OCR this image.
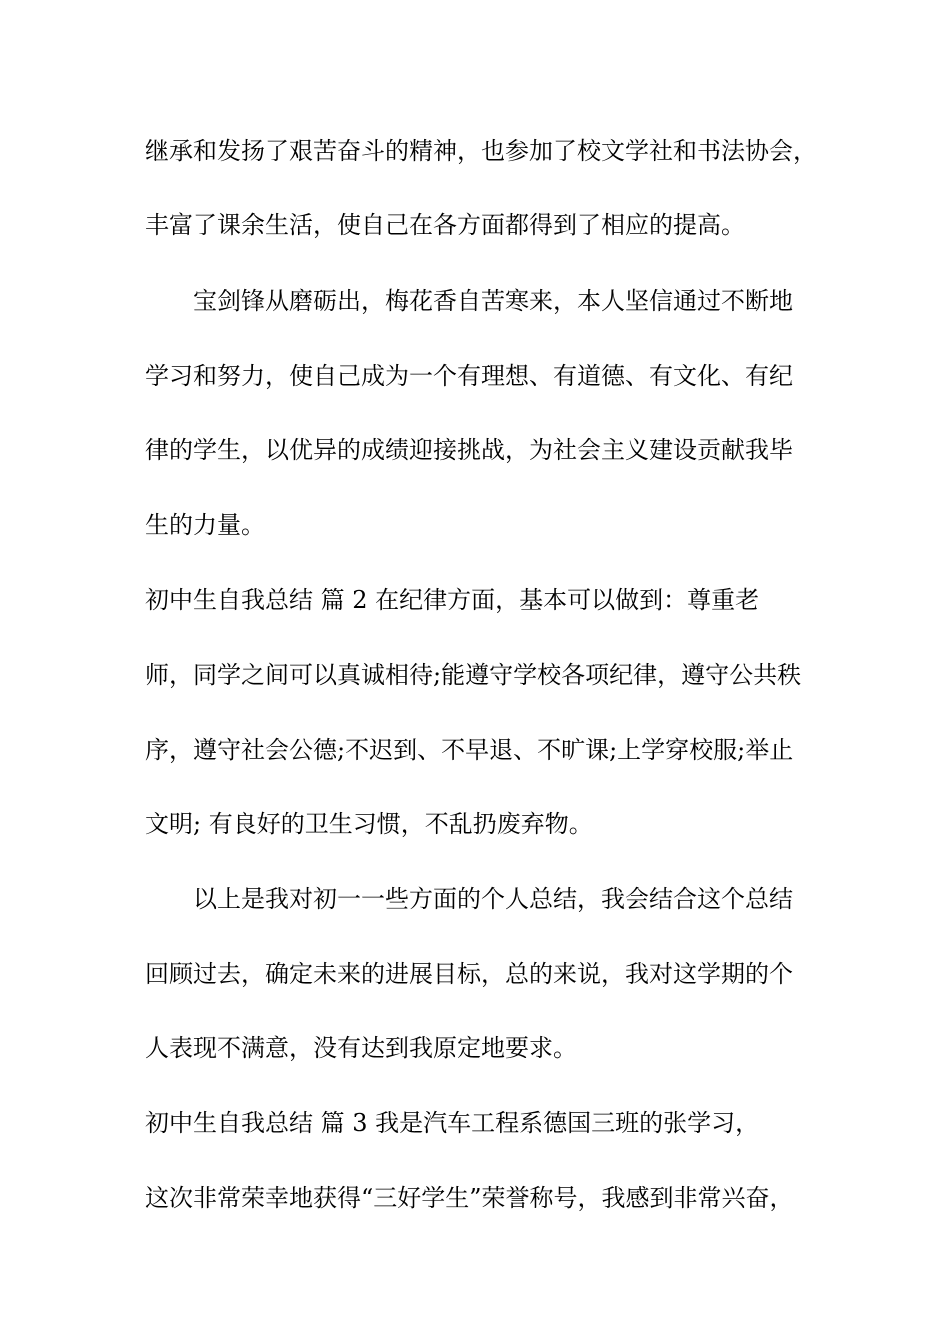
继承和发扬了艰苦奋斗的精神，也参加了校文学社和书法协会，
丰富了课余生活，使自己在各方面都得到了相应的提高。
宝剑锋从磨砺出，梅花香自苦寒来，本人坚信通过不断地
学习和努力，使自己成为一个有理想、有道德、有文化、有纪
律的学生，以优异的成绩迎接挑战，为社会主义建设贡献我毕
生的力量。
初中生自我总结 篇 2 在纪律方面，基本可以做到：尊重老
师，同学之间可以真诚相待;能遵守学校各项纪律，遵守公共秩
序，遵守社会公德;不迟到、不早退、不旷课;上学穿校服;举止
文明; 有良好的卫生习惯，不乱扔废弃物。
以上是我对初一一些方面的个人总结，我会结合这个总结
回顾过去，确定未来的进展目标，总的来说，我对这学期的个
人表现不满意，没有达到我原定地要求。
初中生自我总结 篇 3 我是汽车工程系德国三班的张学习，
这次非常荣幸地获得“三好学生”荣誉称号，我感到非常兴奋，
